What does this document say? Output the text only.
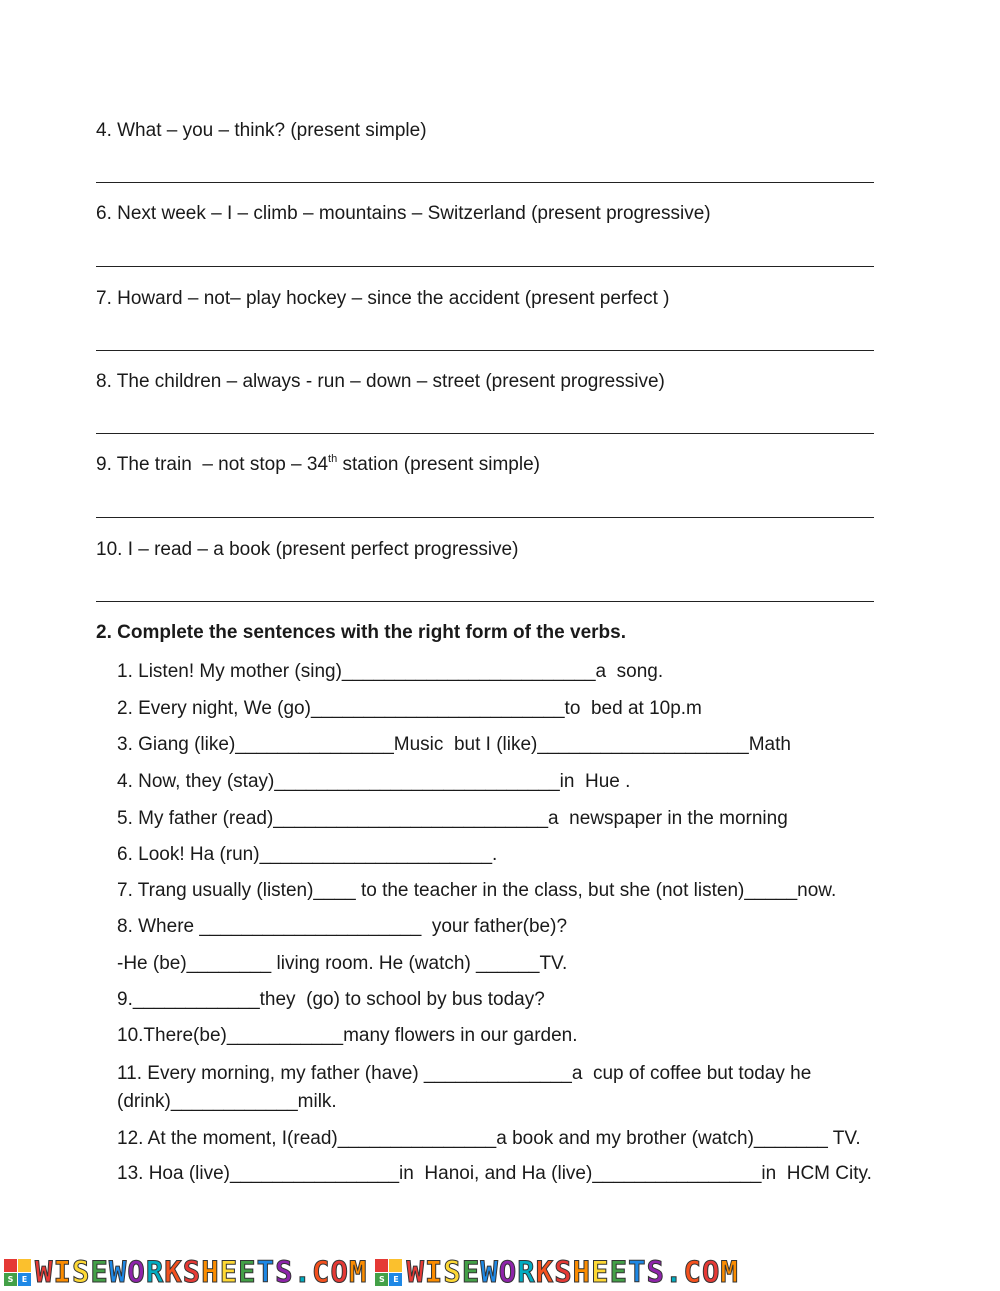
4. What – you – think? (present simple)
6. Next week – I – climb – mountains – Switzerland (present progressive)
7. Howard – not– play hockey – since the accident (present perfect )
8. The children – always - run – down – street (present progressive)
9. The train  – not stop – 34th station (present simple)
10. I – read – a book (present perfect progressive)
2. Complete the sentences with the right form of the verbs.
1. Listen! My mother (sing)________________________a  song.
2. Every night, We (go)________________________to  bed at 10p.m
3. Giang (like)_______________Music  but I (like)____________________Math
4. Now, they (stay)___________________________in  Hue .
5. My father (read)__________________________a  newspaper in the morning
6. Look! Ha (run)______________________.
7. Trang usually (listen)____ to the teacher in the class, but she (not listen)_____now.
8. Where _____________________  your father(be)?
-He (be)________ living room. He (watch) ______TV.
9.____________they  (go) to school by bus today?
10.There(be)___________many flowers in our garden.
11. Every morning, my father (have) ______________a  cup of coffee but today he
(drink)____________milk.
12. At the moment, I(read)_______________a book and my brother (watch)_______ TV.
13. Hoa (live)________________in  Hanoi, and Ha (live)________________in  HCM City.
S	E W I S E W O R K S H E E T S . C O M	S	E W I S E W O R K S H E E T S . C O M
